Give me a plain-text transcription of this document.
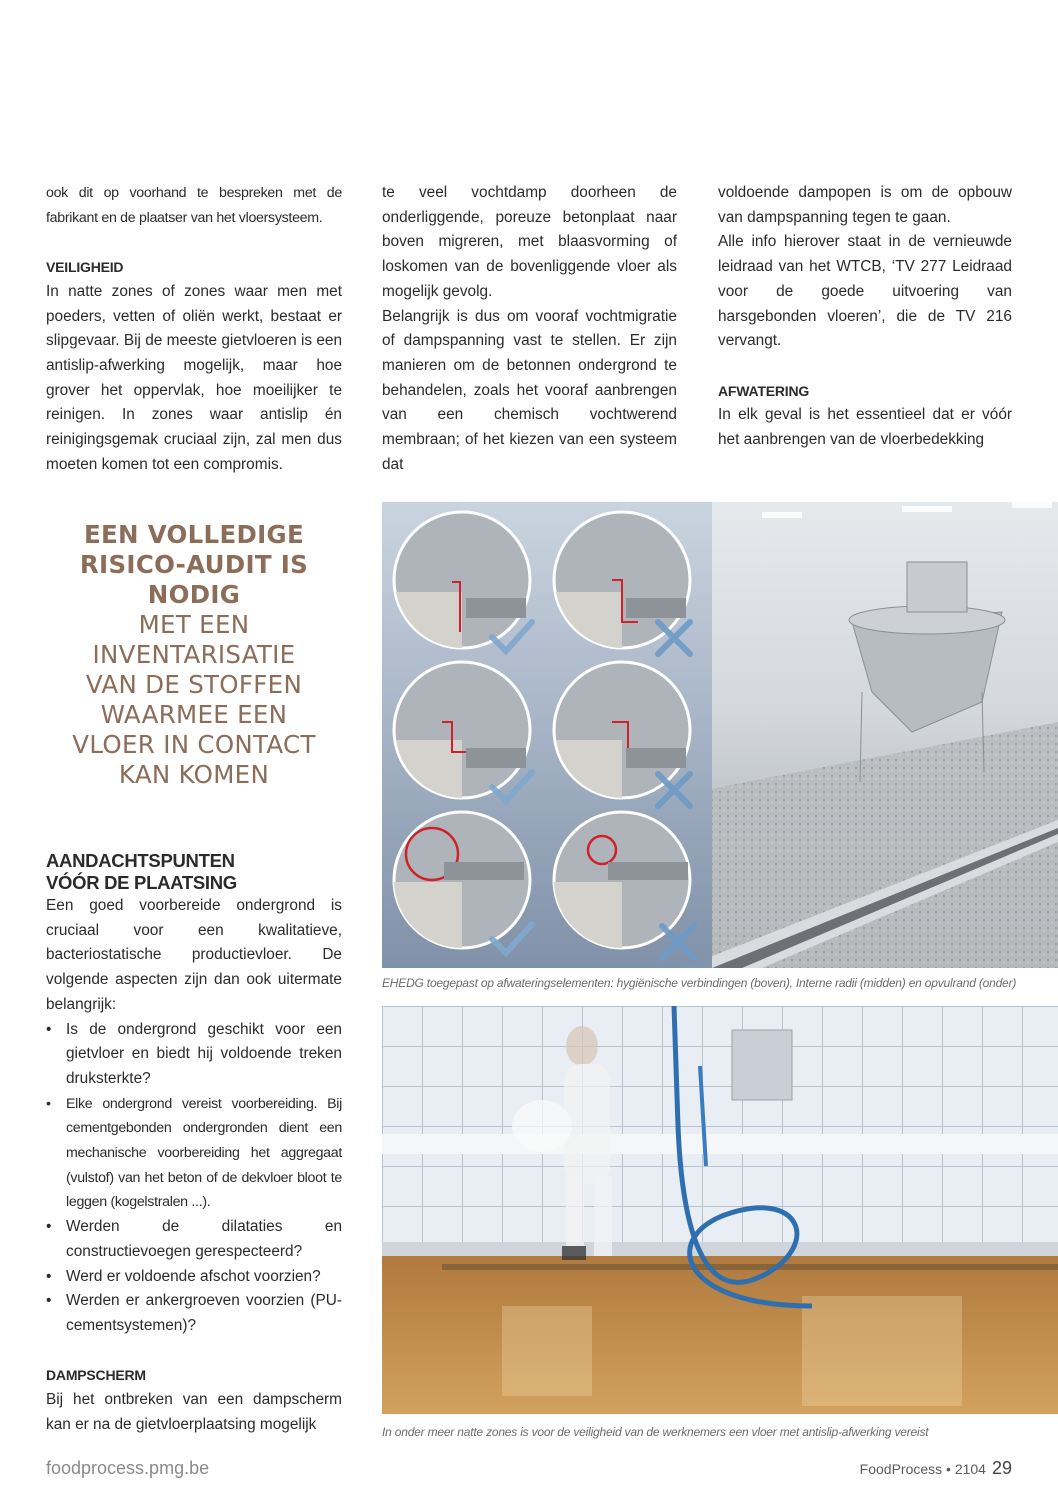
ook dit op voorhand te bespreken met de fabrikant en de plaatser van het vloersysteem.

VEILIGHEID

In natte zones of zones waar men met poeders, vetten of oliën werkt, bestaat er slipgevaar. Bij de meeste gietvloeren is een antislip-afwerking mogelijk, maar hoe grover het oppervlak, hoe moeilijker te reinigen. In zones waar antislip én reinigingsgemak cruciaal zijn, zal men dus moeten komen tot een compromis.

te veel vochtdamp doorheen de onderliggende, poreuze betonplaat naar boven migreren, met blaasvorming of loskomen van de bovenliggende vloer als mogelijk gevolg.

Belangrijk is dus om vooraf vochtmigratie of dampspanning vast te stellen. Er zijn manieren om de betonnen ondergrond te behandelen, zoals het vooraf aanbrengen van een chemisch vochtwerend membraan; of het kiezen van een systeem dat

voldoende dampopen is om de opbouw van dampspanning tegen te gaan.

Alle info hierover staat in de vernieuwde leidraad van het WTCB, ‘TV 277 Leidraad voor de goede uitvoering van harsgebonden vloeren’, die de TV 216 vervangt.

AFWATERING

In elk geval is het essentieel dat er vóór het aanbrengen van de vloerbedekking

EEN VOLLEDIGE
RISICO-AUDIT IS
NODIG
MET EEN
INVENTARISATIE
VAN DE STOFFEN
WAARMEE EEN
VLOER IN CONTACT
KAN KOMEN

AANDACHTSPUNTEN
VÓÓR DE PLAATSING

Een goed voorbereide ondergrond is cruciaal voor een kwalitatieve, bacteriostatische productievloer. De volgende aspecten zijn dan ook uitermate belangrijk:

• Is de ondergrond geschikt voor een gietvloer en biedt hij voldoende treken druksterkte?
• Elke ondergrond vereist voorbereiding. Bij cementgebonden ondergronden dient een mechanische voorbereiding het aggregaat (vulstof) van het beton of de dekvloer bloot te leggen (kogelstralen ...).
• Werden de dilataties en constructievoegen gerespecteerd?
• Werd er voldoende afschot voorzien?
• Werden er ankergroeven voorzien (PU-cementsystemen)?

DAMPSCHERM

Bij het ontbreken van een dampscherm kan er na de gietvloerplaatsing mogelijk

EHEDG toegepast op afwateringselementen: hygiënische verbindingen (boven), Interne radii (midden) en opvulrand (onder)
In onder meer natte zones is voor de veiligheid van de werknemers een vloer met antislip-afwerking vereist
foodprocess.pmg.be	FoodProcess • 2104 29
